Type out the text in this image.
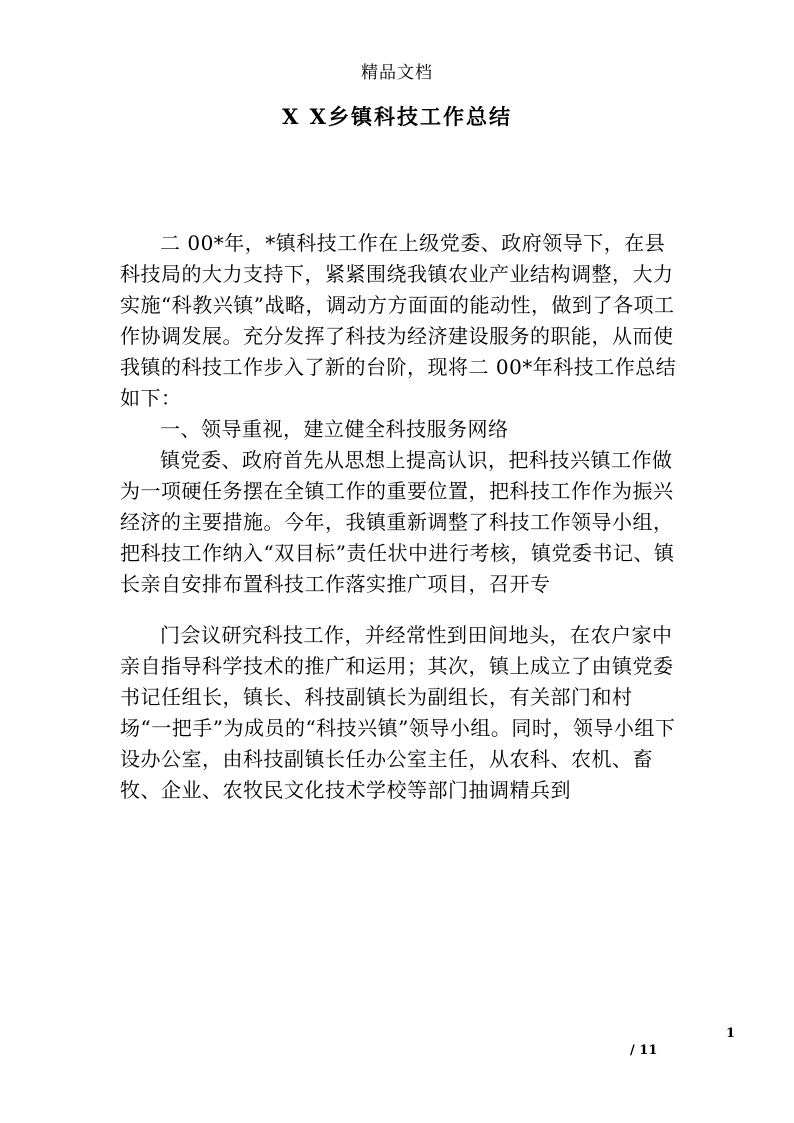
精品文档
X X乡镇科技工作总结

二 00*年，*镇科技工作在上级党委、政府领导下，在县科技局的大力支持下，紧紧围绕我镇农业产业结构调整，大力实施“科教兴镇”战略，调动方方面面的能动性，做到了各项工作协调发展。充分发挥了科技为经济建设服务的职能，从而使我镇的科技工作步入了新的台阶，现将二 00*年科技工作总结如下：

一、领导重视，建立健全科技服务网络

镇党委、政府首先从思想上提高认识，把科技兴镇工作做为一项硬任务摆在全镇工作的重要位置，把科技工作作为振兴经济的主要措施。今年，我镇重新调整了科技工作领导小组，把科技工作纳入“双目标”责任状中进行考核，镇党委书记、镇长亲自安排布置科技工作落实推广项目，召开专

门会议研究科技工作，并经常性到田间地头，在农户家中亲自指导科学技术的推广和运用；其次，镇上成立了由镇党委书记任组长，镇长、科技副镇长为副组长，有关部门和村场“一把手”为成员的“科技兴镇”领导小组。同时，领导小组下设办公室，由科技副镇长任办公室主任，从农科、农机、畜牧、企业、农牧民文化技术学校等部门抽调精兵到

1
/ 11
